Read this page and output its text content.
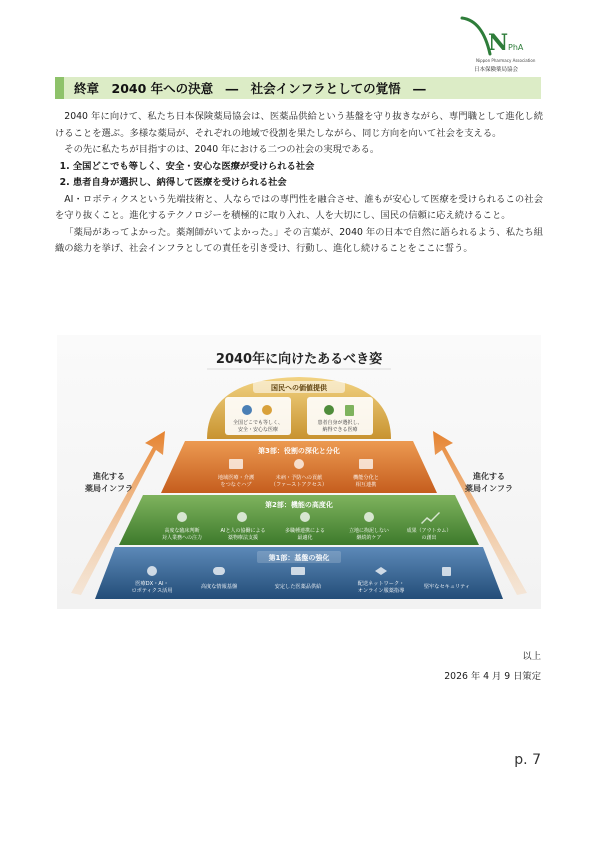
N PhA
Nippon Pharmacy Association
日本保険薬局協会
終章　2040 年への決意　―　社会インフラとしての覚悟　―

2040 年に向けて、私たち日本保険薬局協会は、医薬品供給という基盤を守り抜きながら、専門職として進化し続けることを選ぶ。多様な薬局が、それぞれの地域で役割を果たしながら、同じ方向を向いて社会を支える。

その先に私たちが目指すのは、2040 年における二つの社会の実現である。

1. 全国どこでも等しく、安全・安心な医療が受けられる社会

2. 患者自身が選択し、納得して医療を受けられる社会

AI・ロボティクスという先端技術と、人ならではの専門性を融合させ、誰もが安心して医療を受けられるこの社会を守り抜くこと。進化するテクノロジーを積極的に取り入れ、人を大切にし、国民の信頼に応え続けること。

「薬局があってよかった。薬剤師がいてよかった。」その言葉が、2040 年の日本で自然に語られるよう、私たち組織の総力を挙げ、社会インフラとしての責任を引き受け、行動し、進化し続けることをここに誓う。

2040年に向けたあるべき姿
進化する
薬局インフラ
進化する
薬局インフラ
第1部：基盤の強化
医療DX・AI・
ロボティクス活用
高度な情報基盤	安定した医薬品供給	配送ネットワーク・
オンライン服薬指導
堅牢なセキュリティ
第2部：機能の高度化
高度な臨床判断
対人業務への注力
AIと人の協働による
薬物療法支援
多職種連携による
最適化
立地に拘泥しない
継続的ケア
成果（アウトカム）
の創出
第3部：役割の深化と分化
地域医療・介護
をつなぐハブ
未病・予防への貢献
（ファーストアクセス）
機能分化と
相互連携
国民への価値提供
全国どこでも等しく、
安全・安心な医療
患者自身が選択し、
納得できる医療
以上
2026 年 4 月 9 日策定
p. 7
